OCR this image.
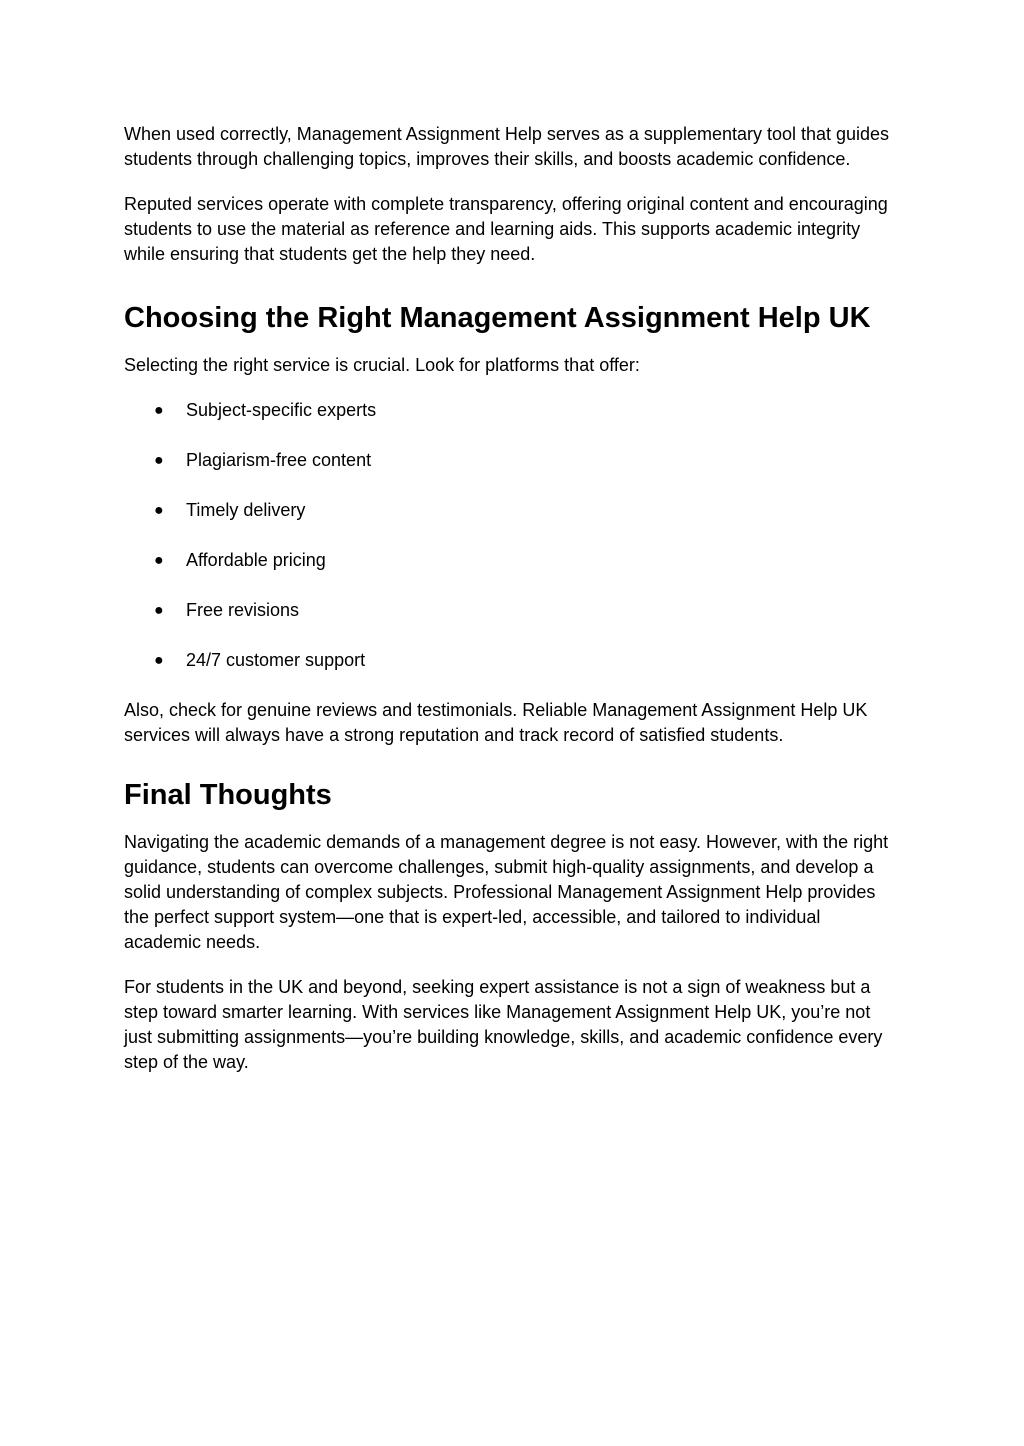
When used correctly, Management Assignment Help serves as a supplementary tool that guides students through challenging topics, improves their skills, and boosts academic confidence.

Reputed services operate with complete transparency, offering original content and encouraging students to use the material as reference and learning aids. This supports academic integrity while ensuring that students get the help they need.

Choosing the Right Management Assignment Help UK

Selecting the right service is crucial. Look for platforms that offer:

● Subject-specific experts
● Plagiarism-free content
● Timely delivery
● Affordable pricing
● Free revisions
● 24/7 customer support

Also, check for genuine reviews and testimonials. Reliable Management Assignment Help UK services will always have a strong reputation and track record of satisfied students.

Final Thoughts

Navigating the academic demands of a management degree is not easy. However, with the right guidance, students can overcome challenges, submit high-quality assignments, and develop a solid understanding of complex subjects. Professional Management Assignment Help provides the perfect support system—one that is expert-led, accessible, and tailored to individual academic needs.

For students in the UK and beyond, seeking expert assistance is not a sign of weakness but a step toward smarter learning. With services like Management Assignment Help UK, you’re not just submitting assignments—you’re building knowledge, skills, and academic confidence every step of the way.
